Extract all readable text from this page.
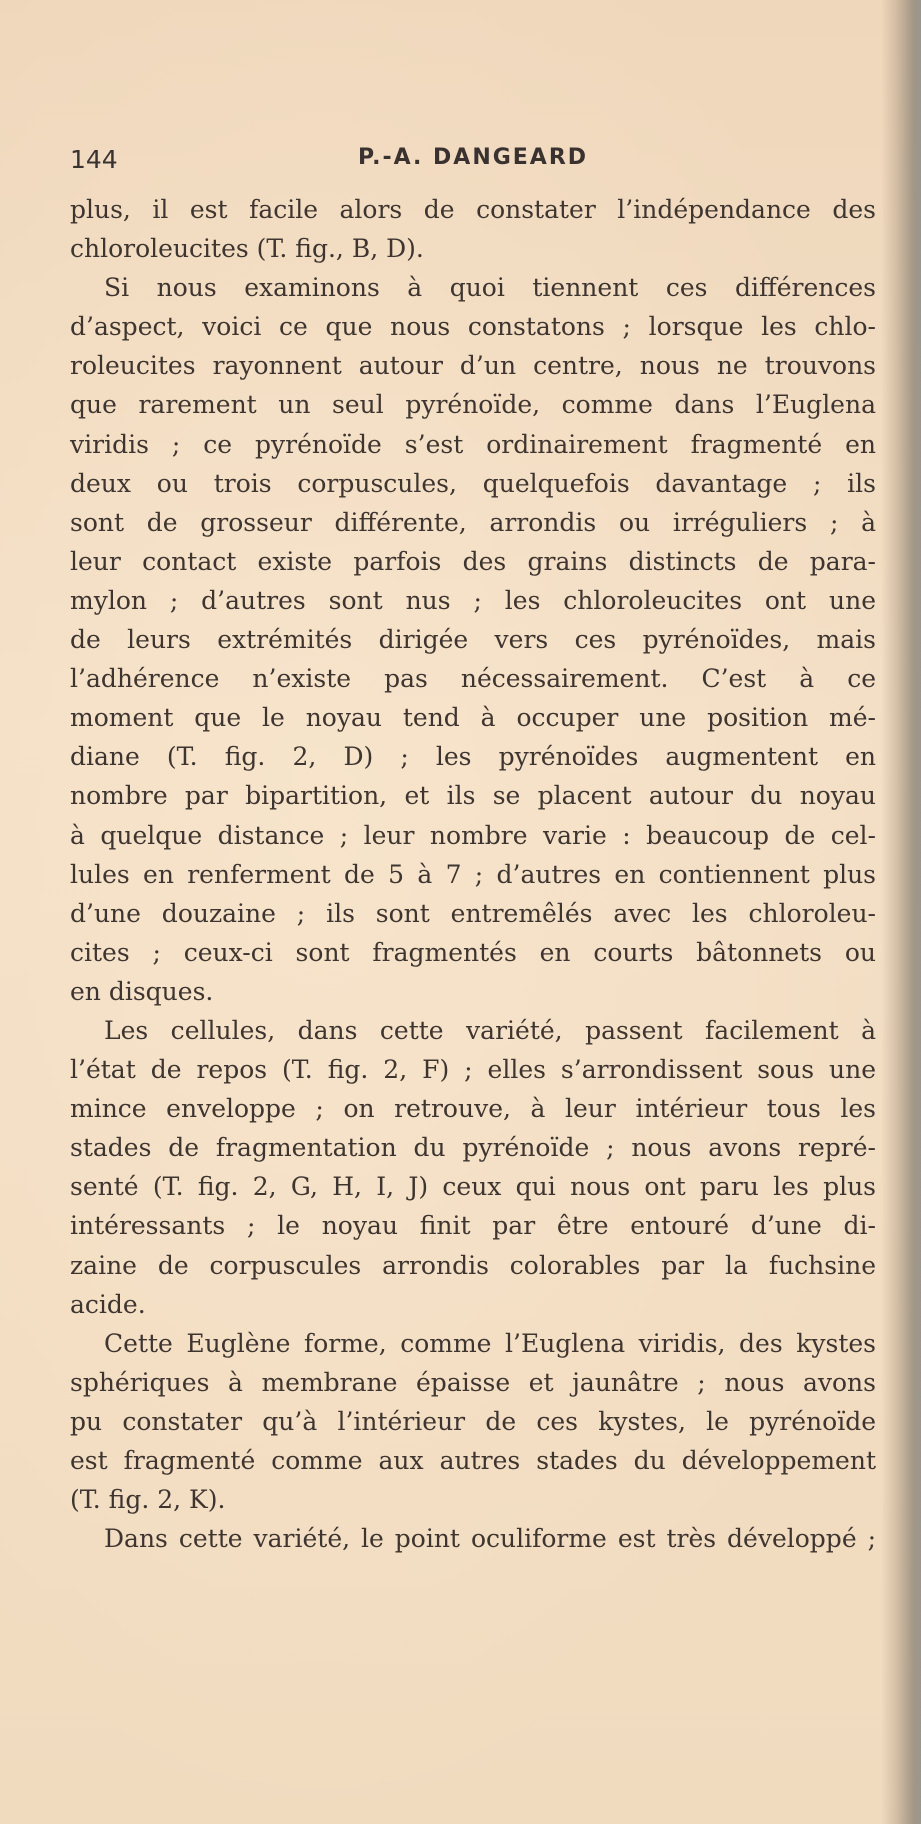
144	P.-A. DANGEARD
plus, il est facile alors de constater l’indépendance des
chloroleucites (T. fig., B, D).
Si nous examinons à quoi tiennent ces différences
d’aspect, voici ce que nous constatons ; lorsque les chlo-
roleucites rayonnent autour d’un centre, nous ne trouvons
que rarement un seul pyrénoïde, comme dans l’Euglena
viridis ; ce pyrénoïde s’est ordinairement fragmenté en
deux ou trois corpuscules, quelquefois davantage ; ils
sont de grosseur différente, arrondis ou irréguliers ; à
leur contact existe parfois des grains distincts de para-
mylon ; d’autres sont nus ; les chloroleucites ont une
de leurs extrémités dirigée vers ces pyrénoïdes, mais
l’adhérence n’existe pas nécessairement. C’est à ce
moment que le noyau tend à occuper une position mé-
diane (T. fig. 2, D) ; les pyrénoïdes augmentent en
nombre par bipartition, et ils se placent autour du noyau
à quelque distance ; leur nombre varie : beaucoup de cel-
lules en renferment de 5 à 7 ; d’autres en contiennent plus
d’une douzaine ; ils sont entremêlés avec les chloroleu-
cites ; ceux-ci sont fragmentés en courts bâtonnets ou
en disques.
Les cellules, dans cette variété, passent facilement à
l’état de repos (T. fig. 2, F) ; elles s’arrondissent sous une
mince enveloppe ; on retrouve, à leur intérieur tous les
stades de fragmentation du pyrénoïde ; nous avons repré-
senté (T. fig. 2, G, H, I, J) ceux qui nous ont paru les plus
intéressants ; le noyau finit par être entouré d’une di-
zaine de corpuscules arrondis colorables par la fuchsine
acide.
Cette Euglène forme, comme l’Euglena viridis, des kystes
sphériques à membrane épaisse et jaunâtre ; nous avons
pu constater qu’à l’intérieur de ces kystes, le pyrénoïde
est fragmenté comme aux autres stades du développement
(T. fig. 2, K).
Dans cette variété, le point oculiforme est très développé ;
